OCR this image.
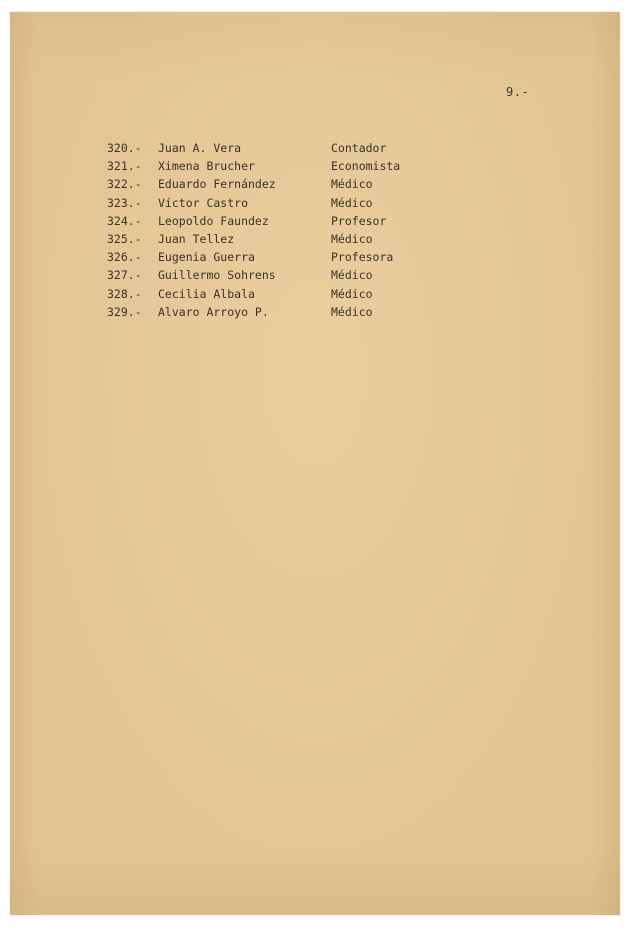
9.-
320.-	Juan A. Vera	Contador
321.-	Ximena Brucher	Economista
322.-	Eduardo Fernández	Médico
323.-	Víctor Castro	Médico
324.-	Leopoldo Faundez	Profesor
325.-	Juan Tellez	Médico
326.-	Eugenia Guerra	Profesora
327.-	Guillermo Sohrens	Médico
328.-	Cecilia Albala	Médico
329.-	Alvaro Arroyo P.	Médico
